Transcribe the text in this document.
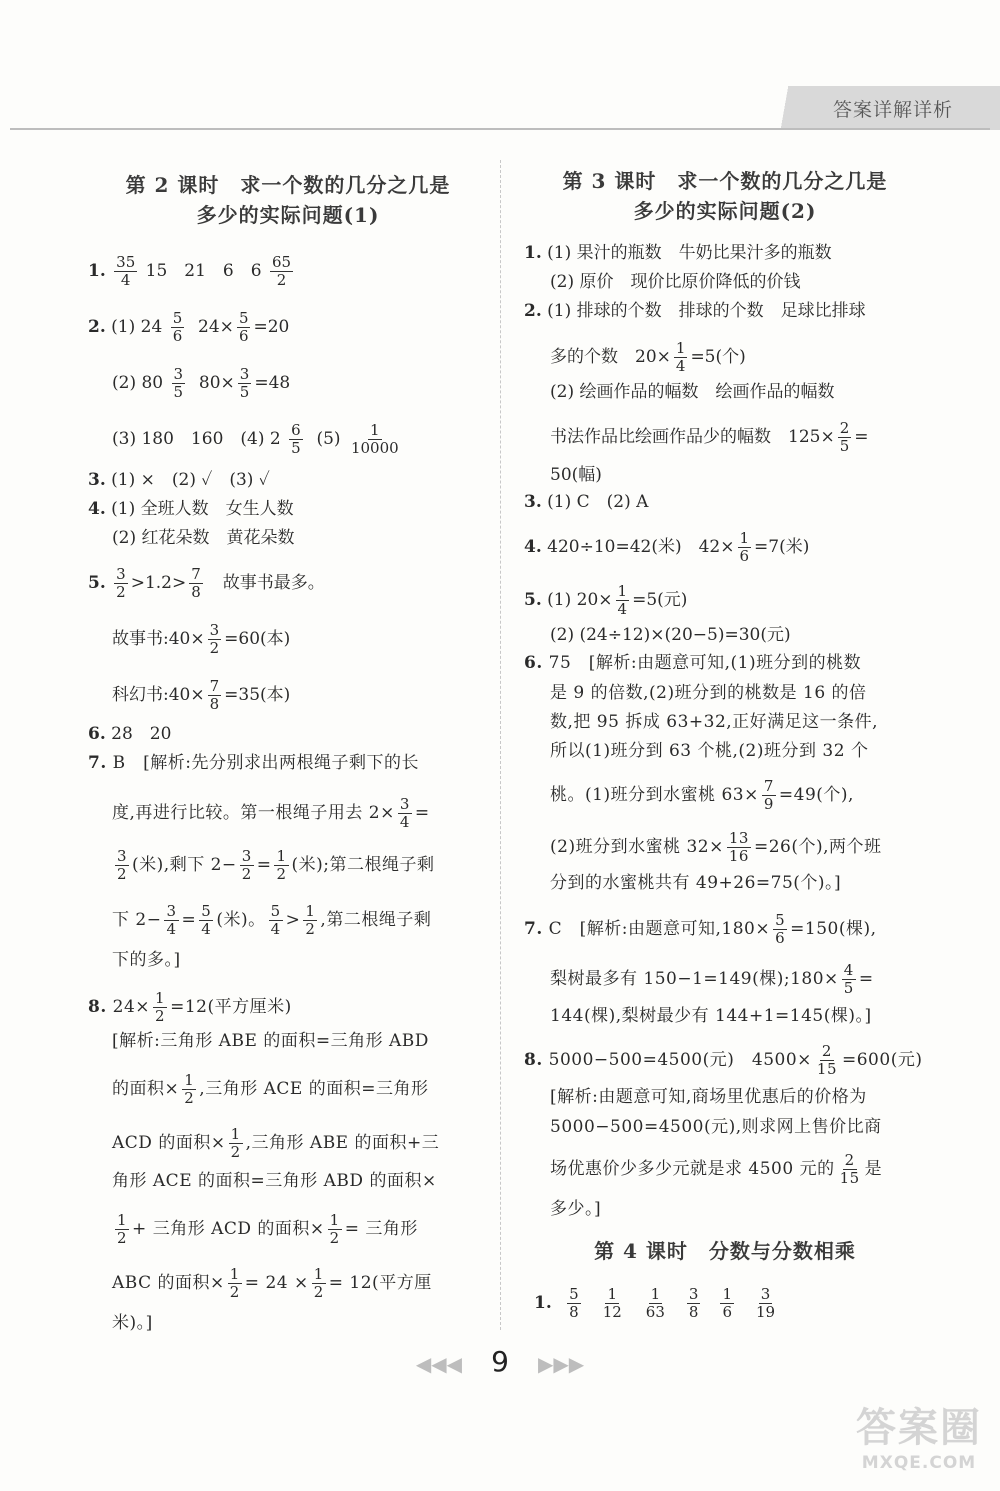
答案详解详析
第 2 课时　求一个数的几分之几是
多少的实际问题(1)
1. $\frac{35}{4} 15$　21　6　$6 \frac{65}{2}$
2. (1) $24 \frac{5}{6} 24\times \frac{5}{6} =20$
(2) $80 \frac{3}{5} 80\times \frac{3}{5} =48$
(3) 180　160　(4) $2 \frac{6}{5} (5) \frac{1}{10000}$
3. (1) ×　(2) ✓　(3) ✓
4. (1) 全班人数　女生人数
(2) 红花朵数　黄花朵数
5. $\frac{3}{2} >1.2> \frac{7}{8}$ 　故事书最多。
故事书:40× $\frac{3}{2} =60$(本)
科幻书:40× $\frac{7}{8} =35$(本)
6. 28　20
7. B　[解析:先分别求出两根绳子剩下的长
度,再进行比较。第一根绳子用去 $2\times \frac{3}{4}$ =
$\frac{3}{2}$ (米),剩下 $2- \frac{3}{2} = \frac{1}{2}$ (米);第二根绳子剩
下 $2- \frac{3}{4} = \frac{5}{4}$ (米)。 $\frac{5}{4} > \frac{1}{2}$ ,第二根绳子剩
下的多。]
8. $24\times \frac{1}{2} =12$(平方厘米)
[解析:三角形 ABE 的面积=三角形 ABD
的面积× $\frac{1}{2}$ ,三角形 ACE 的面积=三角形
ACD 的面积× $\frac{1}{2}$ ,三角形 ABE 的面积+三
角形 ACE 的面积=三角形 ABD 的面积×
$\frac{1}{2}$ + 三角形 ACD 的面积× $\frac{1}{2}$ = 三角形
ABC 的面积× $\frac{1}{2} = 24 \times \frac{1}{2} = 12$(平方厘
米)。]
第 3 课时　求一个数的几分之几是
多少的实际问题(2)
1. (1) 果汁的瓶数　牛奶比果汁多的瓶数
(2) 原价　现价比原价降低的价钱
2. (1) 排球的个数　排球的个数　足球比排球
多的个数　$20\times \frac{1}{4} =5$(个)
(2) 绘画作品的幅数　绘画作品的幅数
书法作品比绘画作品少的幅数　$125\times \frac{2}{5}$ =
50(幅)
3. (1) C　(2) A
4. 420÷10=42(米)　$42\times \frac{1}{6} =7$(米)
5. (1) $20\times \frac{1}{4} =5$(元)
(2) (24÷12)×(20−5)=30(元)
6. 75　[解析:由题意可知,(1)班分到的桃数
是 9 的倍数,(2)班分到的桃数是 16 的倍
数,把 95 拆成 63+32,正好满足这一条件,
所以(1)班分到 63 个桃,(2)班分到 32 个
桃。(1)班分到水蜜桃 $63\times \frac{7}{9} =49$(个),
(2)班分到水蜜桃 $32\times \frac{13}{16} =26$(个),两个班
分到的水蜜桃共有 49+26=75(个)。]
7. C　[解析:由题意可知$,180\times \frac{5}{6} =150$(棵),
梨树最多有 150−1=149(棵);180× $\frac{4}{5}$ =
144(棵),梨树最少有 144+1=145(棵)。]
8. 5000−500=4500(元)　$4500\times \frac{2}{15} =600$(元)
[解析:由题意可知,商场里优惠后的价格为
5000−500=4500(元),则求网上售价比商
场优惠价少多少元就是求 4500 元的 $\frac{2}{15}$ 是
多少。]
第 4 课时　分数与分数相乘
1. $\frac{5}{8} \frac{1}{12} \frac{1}{63} \frac{3}{8} \frac{1}{6} \frac{3}{19}$
◀◀◀ 9 ▶▶▶
答案圈
MXQE.COM
